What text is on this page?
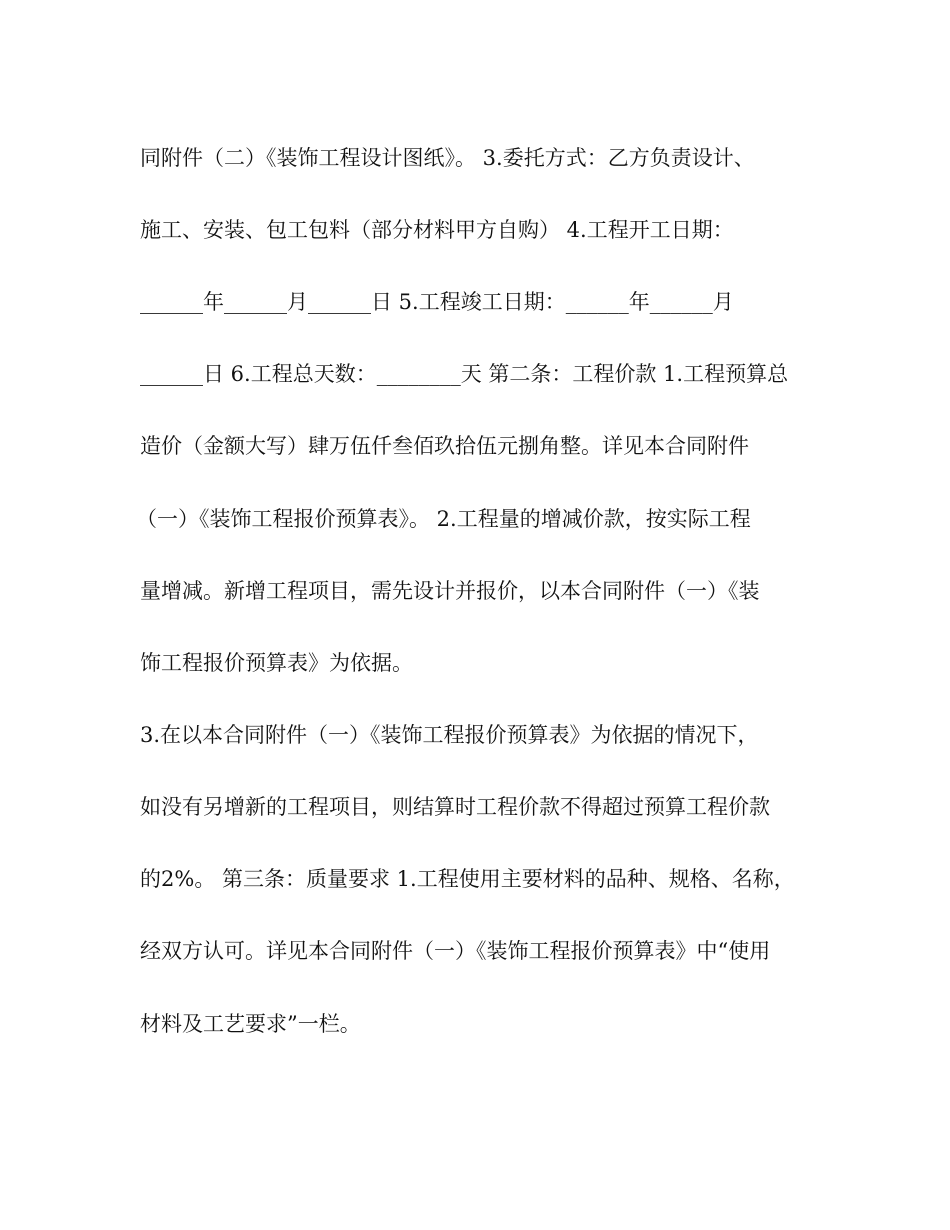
同附件（二）《装饰工程设计图纸》。 3.委托方式：乙方负责设计、
施工、安装、包工包料（部分材料甲方自购） 4.工程开工日期：
______年______月______日 5.工程竣工日期：______年______月
______日 6.工程总天数：________天 第二条：工程价款 1.工程预算总
造价（金额大写）肆万伍仟叁佰玖拾伍元捌角整。详见本合同附件
（一）《装饰工程报价预算表》。 2.工程量的增减价款，按实际工程
量增减。新增工程项目，需先设计并报价，以本合同附件（一）《装
饰工程报价预算表》为依据。
3.在以本合同附件（一）《装饰工程报价预算表》为依据的情况下，
如没有另增新的工程项目，则结算时工程价款不得超过预算工程价款
的2%。 第三条：质量要求 1.工程使用主要材料的品种、规格、名称，
经双方认可。详见本合同附件（一）《装饰工程报价预算表》中“使用
材料及工艺要求”一栏。
